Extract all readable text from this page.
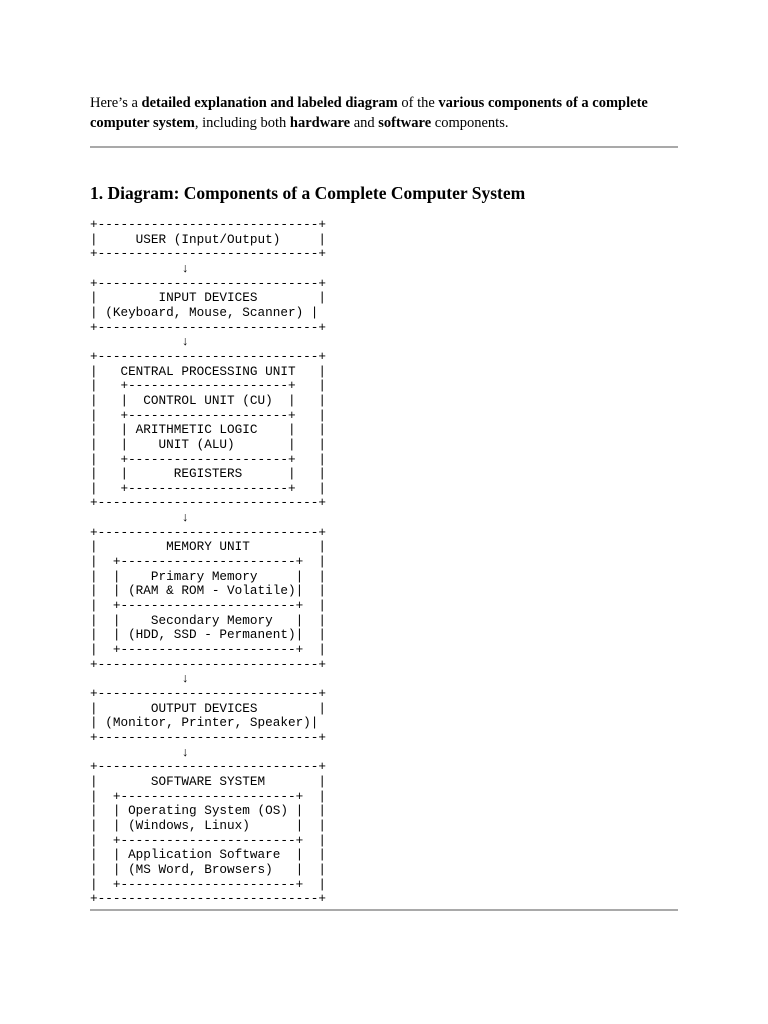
Here’s a detailed explanation and labeled diagram of the various components of a complete computer system, including both hardware and software components.

1. Diagram: Components of a Complete Computer System
+-----------------------------+
|     USER (Input/Output)     |
+-----------------------------+
↓
+-----------------------------+
|        INPUT DEVICES        |
| (Keyboard, Mouse, Scanner) |
+-----------------------------+
↓
+-----------------------------+
|   CENTRAL PROCESSING UNIT   |
|   +---------------------+   |
|   |  CONTROL UNIT (CU)  |   |
|   +---------------------+   |
|   | ARITHMETIC LOGIC    |   |
|   |    UNIT (ALU)       |   |
|   +---------------------+   |
|   |      REGISTERS      |   |
|   +---------------------+   |
+-----------------------------+
↓
+-----------------------------+
|         MEMORY UNIT         |
|  +-----------------------+  |
|  |    Primary Memory     |  |
|  | (RAM & ROM - Volatile)|  |
|  +-----------------------+  |
|  |    Secondary Memory   |  |
|  | (HDD, SSD - Permanent)|  |
|  +-----------------------+  |
+-----------------------------+
↓
+-----------------------------+
|       OUTPUT DEVICES        |
| (Monitor, Printer, Speaker)|
+-----------------------------+
↓
+-----------------------------+
|       SOFTWARE SYSTEM       |
|  +-----------------------+  |
|  | Operating System (OS) |  |
|  | (Windows, Linux)      |  |
|  +-----------------------+  |
|  | Application Software  |  |
|  | (MS Word, Browsers)   |  |
|  +-----------------------+  |
+-----------------------------+
